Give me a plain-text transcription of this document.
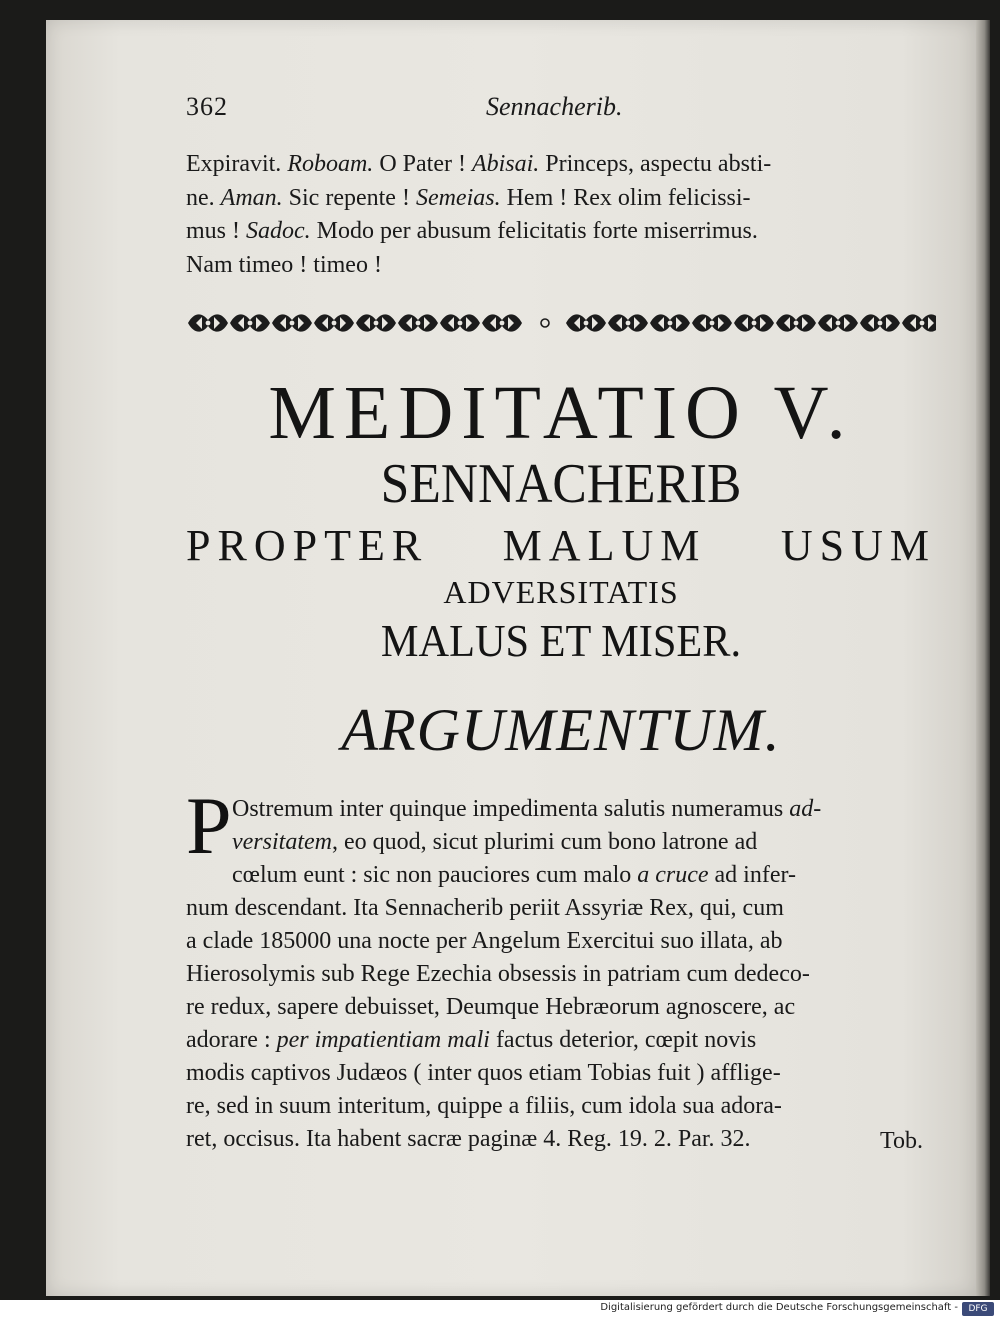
362	Sennacherib.
Expiravit. Roboam. O Pater ! Abisai. Princeps, aspectu absti-
ne. Aman. Sic repente ! Semeias. Hem ! Rex olim felicissi-
mus ! Sadoc. Modo per abusum felicitatis forte miserrimus.
Nam timeo ! timeo !
MEDITATIO V.
SENNACHERIB
PROPTER MALUM USUM
ADVERSITATIS
MALUS ET MISER.
ARGUMENTUM.
P Ostremum inter quinque impedimenta salutis numeramus ad-
versitatem, eo quod, sicut plurimi cum bono latrone ad
cœlum eunt : sic non pauciores cum malo a cruce ad infer-
num descendant. Ita Sennacherib periit Assyriæ Rex, qui, cum
a clade 185000 una nocte per Angelum Exercitui suo illata, ab
Hierosolymis sub Rege Ezechia obsessis in patriam cum dedeco-
re redux, sapere debuisset, Deumque Hebræorum agnoscere, ac
adorare : per impatientiam mali factus deterior, cœpit novis
modis captivos Judæos ( inter quos etiam Tobias fuit ) afflige-
re, sed in suum interitum, quippe a filiis, cum idola sua adora-
ret, occisus. Ita habent sacræ paginæ 4. Reg. 19. 2. Par. 32.	Tob.
Digitalisierung gefördert durch die Deutsche Forschungsgemeinschaft -	DFG
